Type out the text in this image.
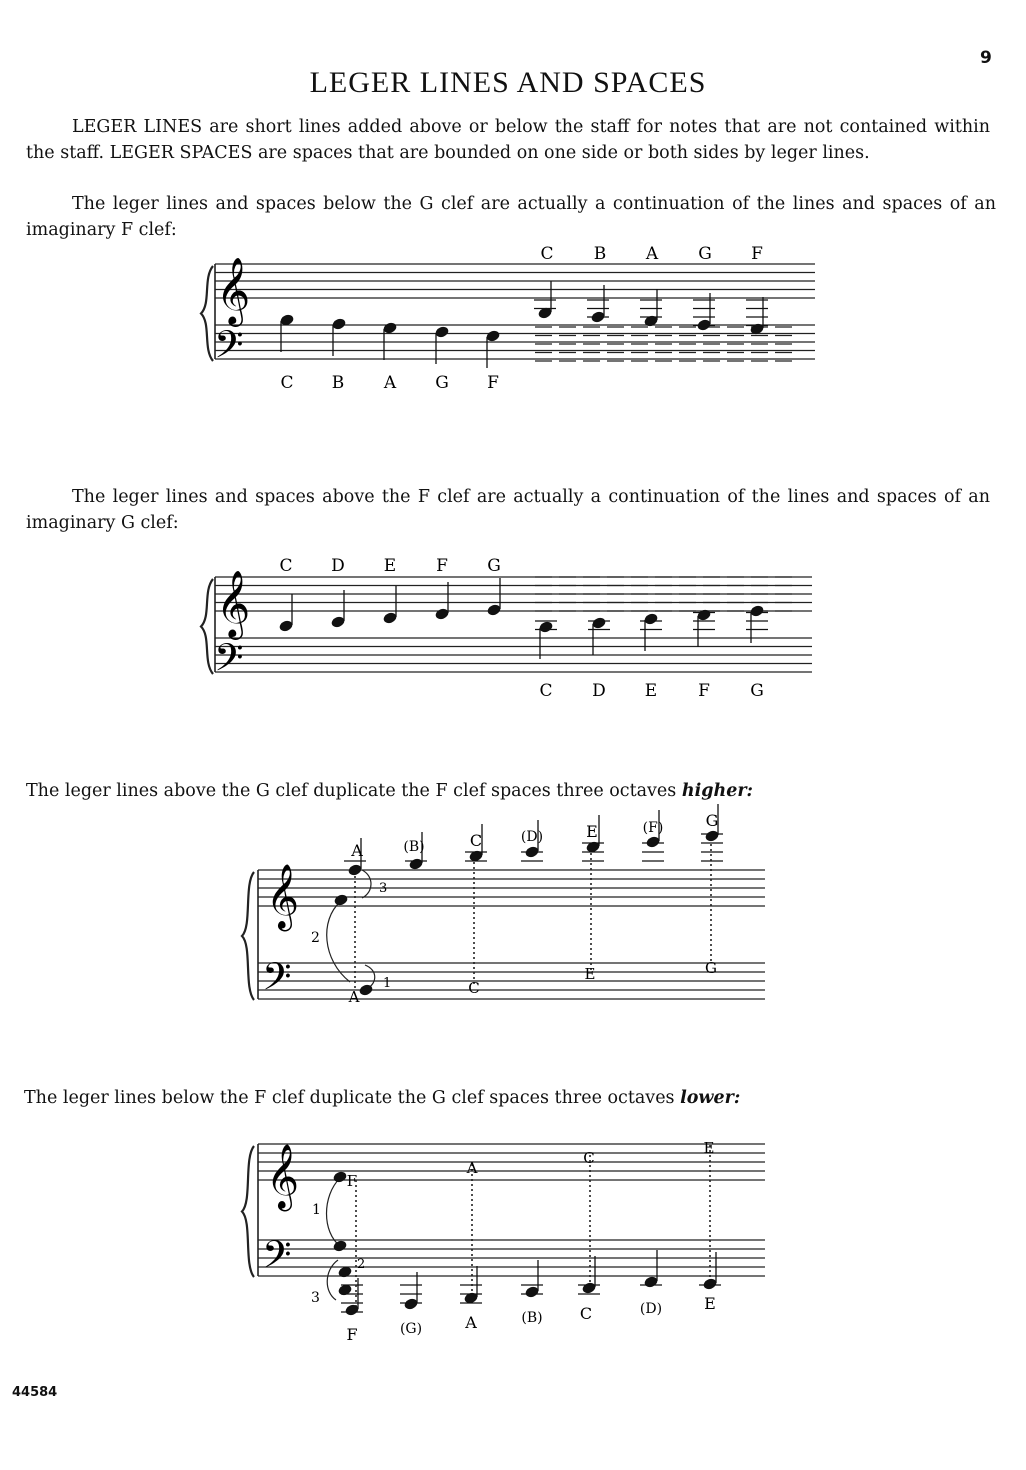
9
LEGER LINES AND SPACES
LEGER LINES are short lines added above or below the staff for notes that are not contained within the staff. LEGER SPACES are spaces that are bounded on one side or both sides by leger lines.
The leger lines and spaces below the G clef are actually a continuation of the lines and spaces of an imaginary F clef:
𝄞
𝄢
C B A G F
C B A G F
The leger lines and spaces above the F clef are actually a continuation of the lines and spaces of an imaginary G clef:
𝄞
𝄢
C D E F G
C D E F G
The leger lines above the G clef duplicate the F clef spaces three octaves higher:
𝄞
𝄢
A	(B)	C	(D)	E	(F)	G
A	C
E	G
3
2
1
The leger lines below the F clef duplicate the G clef spaces three octaves lower:
𝄞
𝄢
F
A
C
E
F	(G)	A	(B) C	(D)	E
1
2
3
44584
